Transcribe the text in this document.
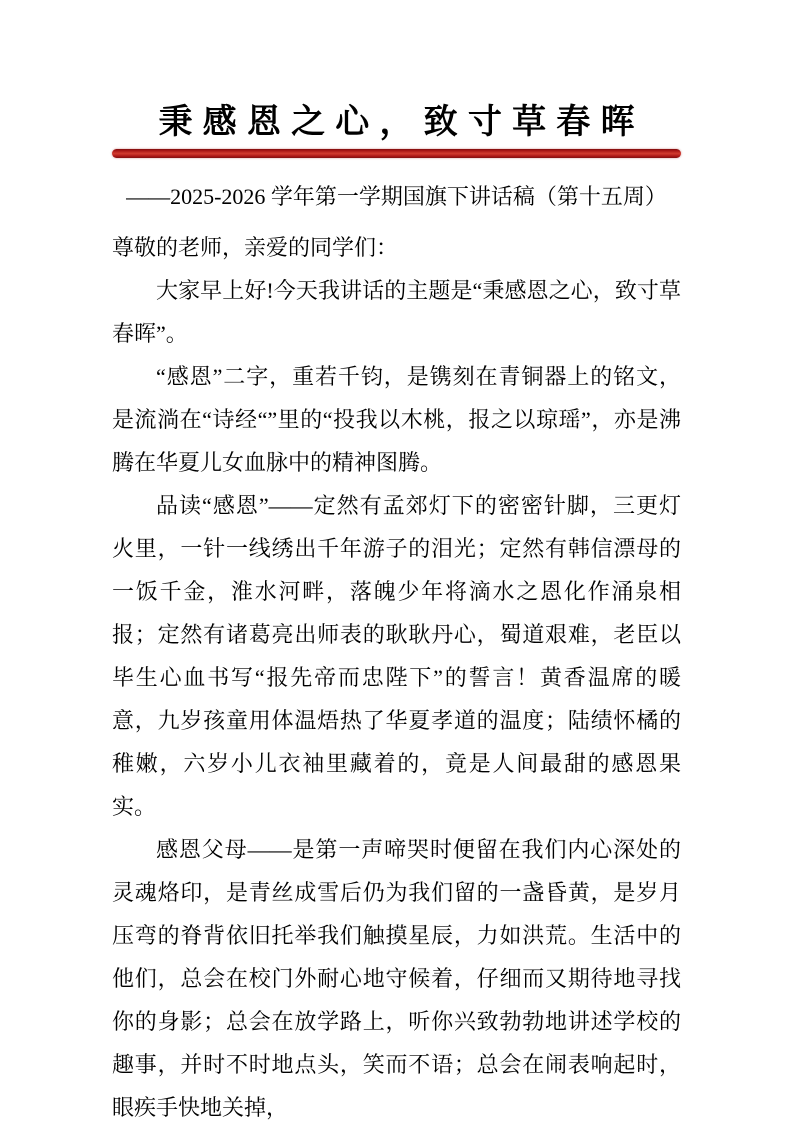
秉感恩之心，致寸草春晖
——2025-2026 学年第一学期国旗下讲话稿（第十五周）

尊敬的老师，亲爱的同学们：

大家早上好!今天我讲话的主题是“秉感恩之心，致寸草春晖”。

“感恩”二字，重若千钧，是镌刻在青铜器上的铭文，是流淌在“诗经“”里的“投我以木桃，报之以琼瑶”，亦是沸腾在华夏儿女血脉中的精神图腾。

品读“感恩”——定然有孟郊灯下的密密针脚，三更灯火里，一针一线绣出千年游子的泪光；定然有韩信漂母的一饭千金，淮水河畔，落魄少年将滴水之恩化作涌泉相报；定然有诸葛亮出师表的耿耿丹心，蜀道艰难，老臣以毕生心血书写“报先帝而忠陛下”的誓言！黄香温席的暖意，九岁孩童用体温焐热了华夏孝道的温度；陆绩怀橘的稚嫩，六岁小儿衣袖里藏着的，竟是人间最甜的感恩果实。

感恩父母——是第一声啼哭时便留在我们内心深处的灵魂烙印，是青丝成雪后仍为我们留的一盏昏黄，是岁月压弯的脊背依旧托举我们触摸星辰，力如洪荒。生活中的他们，总会在校门外耐心地守候着，仔细而又期待地寻找你的身影；总会在放学路上，听你兴致勃勃地讲述学校的趣事，并时不时地点头，笑而不语；总会在闹表响起时，眼疾手快地关掉，
